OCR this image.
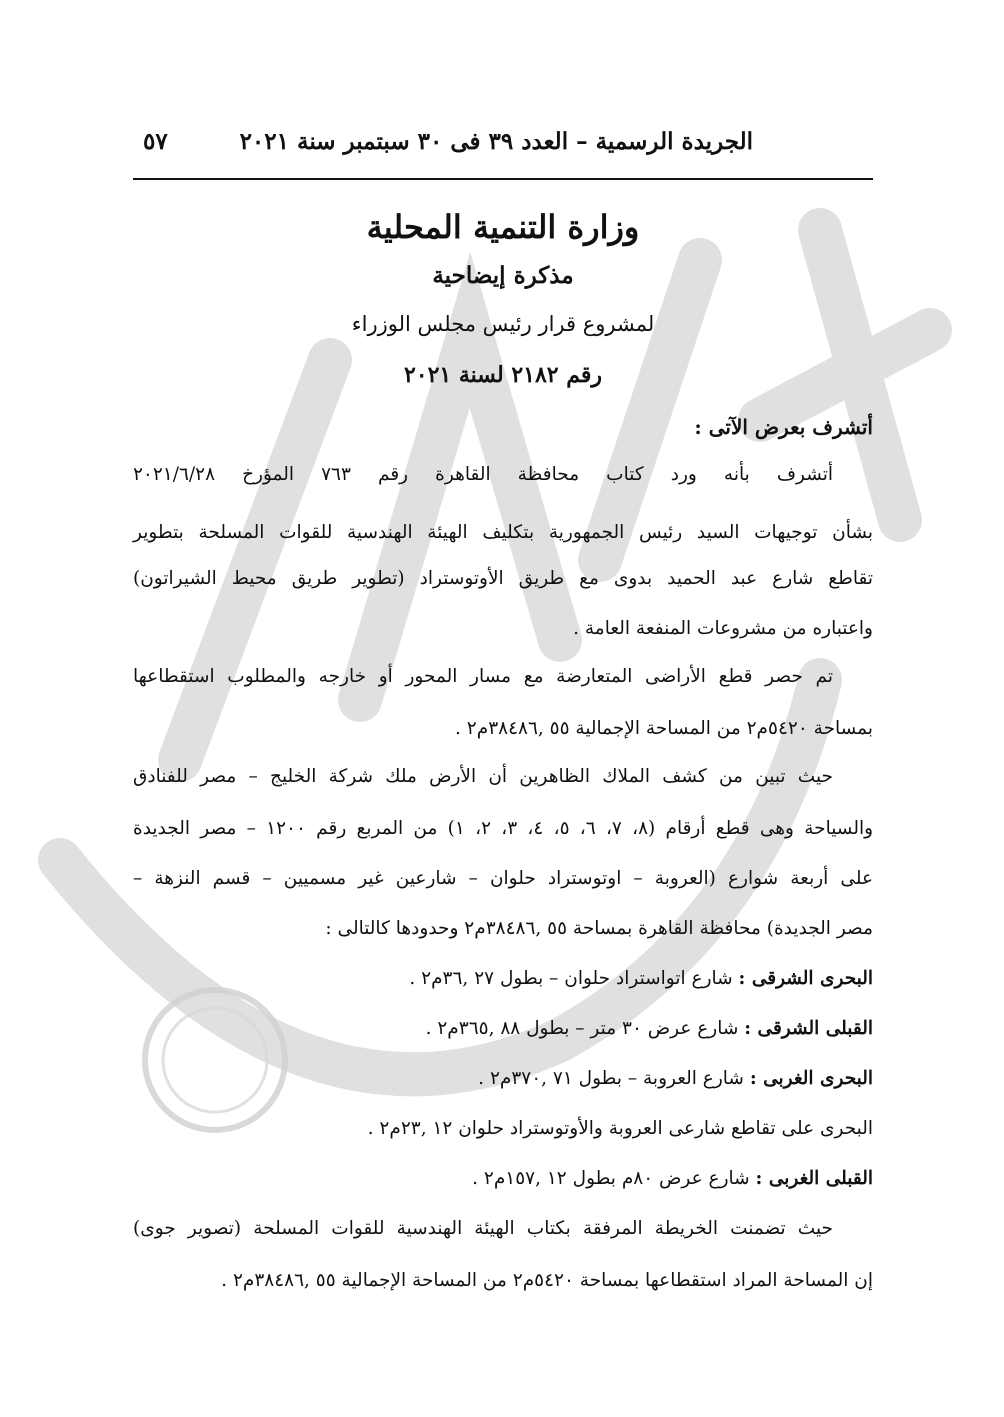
الجريدة الرسمية – العدد ٣٩ فى ٣٠ سبتمبر سنة ٢٠٢١
٥٧
وزارة التنمية المحلية
مذكرة إيضاحية
لمشروع قرار رئيس مجلس الوزراء
رقم ٢١٨٢ لسنة ٢٠٢١
أتشرف بعرض الآتى :
أتشرف بأنه ورد كتاب محافظة القاهرة رقم ٧٦٣ المؤرخ ٢٠٢١/٦/٢٨
بشأن توجيهات السيد رئيس الجمهورية بتكليف الهيئة الهندسية للقوات المسلحة بتطوير
تقاطع شارع عبد الحميد بدوى مع طريق الأوتوستراد (تطوير طريق محيط الشيراتون)
واعتباره من مشروعات المنفعة العامة .
تم حصر قطع الأراضى المتعارضة مع مسار المحور أو خارجه والمطلوب استقطاعها
بمساحة ٥٤٢٠م٢ من المساحة الإجمالية ٥٥ ,٣٨٤٨٦م٢ .
حيث تبين من كشف الملاك الظاهرين أن الأرض ملك شركة الخليج – مصر للفنادق
والسياحة وهى قطع أرقام (٨، ٧، ٦، ٥، ٤، ٣، ٢، ١) من المربع رقم ١٢٠٠ – مصر الجديدة
على أربعة شوارع (العروبة – اوتوستراد حلوان – شارعين غير مسميين – قسم النزهة –
مصر الجديدة) محافظة القاهرة بمساحة ٥٥ ,٣٨٤٨٦م٢ وحدودها كالتالى :
البحرى الشرقى : شارع اتواستراد حلوان – بطول ٢٧ ,٣٦م٢ .
القبلى الشرقى : شارع عرض ٣٠ متر – بطول ٨٨ ,٣٦٥م٢ .
البحرى الغربى : شارع العروبة – بطول ٧١ ,٣٧٠م٢ .
البحرى على تقاطع شارعى العروبة والأوتوستراد حلوان ١٢ ,٢٣م٢ .
القبلى الغربى : شارع عرض ٨٠م بطول ١٢ ,١٥٧م٢ .
حيث تضمنت الخريطة المرفقة بكتاب الهيئة الهندسية للقوات المسلحة (تصوير جوى)
إن المساحة المراد استقطاعها بمساحة ٥٤٢٠م٢ من المساحة الإجمالية ٥٥ ,٣٨٤٨٦م٢ .
